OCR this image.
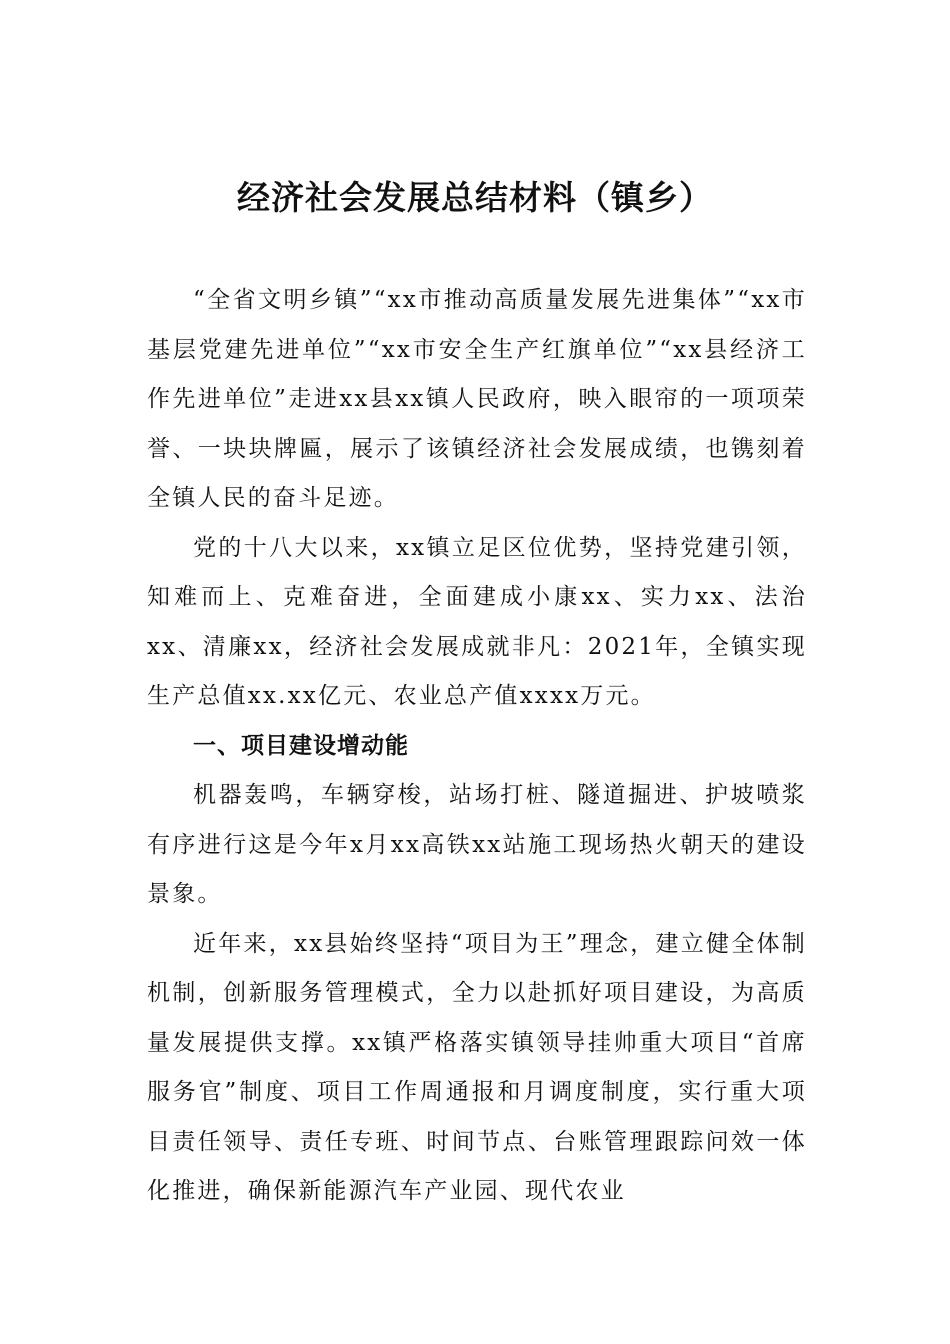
经济社会发展总结材料（镇乡）

“全省文明乡镇”“xx市推动高质量发展先进集体”“xx市基层党建先进单位”“xx市安全生产红旗单位”“xx县经济工作先进单位”走进xx县xx镇人民政府，映入眼帘的一项项荣誉、一块块牌匾，展示了该镇经济社会发展成绩，也镌刻着全镇人民的奋斗足迹。

党的十八大以来，xx镇立足区位优势，坚持党建引领，知难而上、克难奋进，全面建成小康xx、实力xx、法治xx、清廉xx，经济社会发展成就非凡：2021年，全镇实现生产总值xx.xx亿元、农业总产值xxxx万元。

一、项目建设增动能

机器轰鸣，车辆穿梭，站场打桩、隧道掘进、护坡喷浆有序进行这是今年x月xx高铁xx站施工现场热火朝天的建设景象。

近年来，xx县始终坚持“项目为王”理念，建立健全体制机制，创新服务管理模式，全力以赴抓好项目建设，为高质量发展提供支撑。xx镇严格落实镇领导挂帅重大项目“首席服务官”制度、项目工作周通报和月调度制度，实行重大项目责任领导、责任专班、时间节点、台账管理跟踪问效一体化推进，确保新能源汽车产业园、现代农业
